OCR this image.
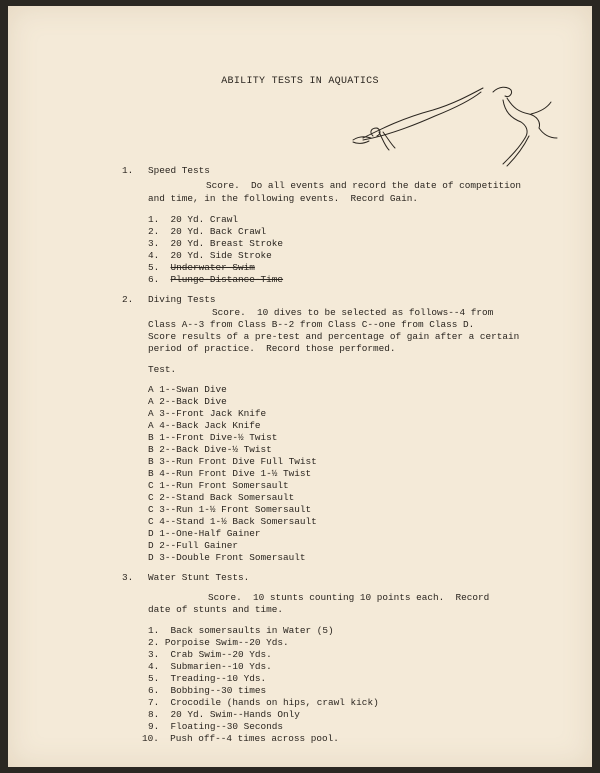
ABILITY TESTS IN AQUATICS
1. Speed Tests
Score.  Do all events and record the date of competition
and time, in the following events.  Record Gain.
1. 20 Yd. Crawl
2. 20 Yd. Back Crawl
3. 20 Yd. Breast Stroke
4. 20 Yd. Side Stroke
5. Underwater Swim
6. Plunge-Distance-Time
2. Diving Tests
Score.  10 dives to be selected as follows--4 from
Class A--3 from Class B--2 from Class C--one from Class D.
Score results of a pre-test and percentage of gain after a certain
period of practice.  Record those performed.
Test.
A 1--Swan Dive
A 2--Back Dive
A 3--Front Jack Knife
A 4--Back Jack Knife
B 1--Front Dive-½ Twist
B 2--Back Dive-½ Twist
B 3--Run Front Dive Full Twist
B 4--Run Front Dive 1-½ Twist
C 1--Run Front Somersault
C 2--Stand Back Somersault
C 3--Run 1-½ Front Somersault
C 4--Stand 1-½ Back Somersault
D 1--One-Half Gainer
D 2--Full Gainer
D 3--Double Front Somersault
3. Water Stunt Tests.
Score.  10 stunts counting 10 points each.  Record
date of stunts and time.
1. Back somersaults in Water (5)
2. Porpoise Swim--20 Yds.
3. Crab Swim--20 Yds.
4. Submarien--10 Yds.
5. Treading--10 Yds.
6. Bobbing--30 times
7. Crocodile (hands on hips, crawl kick)
8. 20 Yd. Swim--Hands Only
9. Floating--30 Seconds
10. Push off--4 times across pool.
